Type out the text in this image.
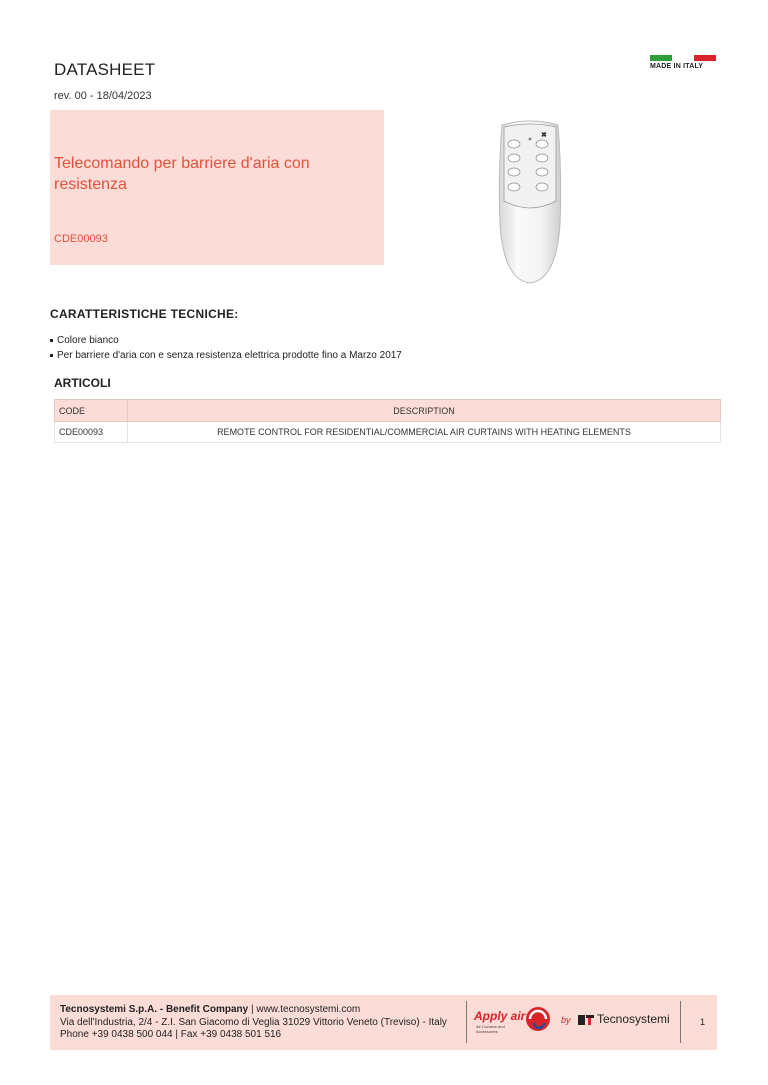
DATASHEET
rev. 00 - 18/04/2023
MADE IN ITALY
Telecomando per barriere d'aria con resistenza
CDE00093
✖
CARATTERISTICHE TECNICHE:
Colore bianco
Per barriere d'aria con e senza resistenza elettrica prodotte fino a Marzo 2017
ARTICOLI
CODE	DESCRIPTION
CDE00093	REMOTE CONTROL FOR RESIDENTIAL/COMMERCIAL AIR CURTAINS WITH HEATING ELEMENTS
Tecnosystemi S.p.A. - Benefit Company | www.tecnosystemi.com
Via dell'Industria, 2/4 - Z.I. San Giacomo di Veglia 31029 Vittorio Veneto (Treviso) - Italy
Phone +39 0438 500 044 | Fax +39 0438 501 516
Apply air
Air Curtains and Accessories
by Tecnosystemi	1
